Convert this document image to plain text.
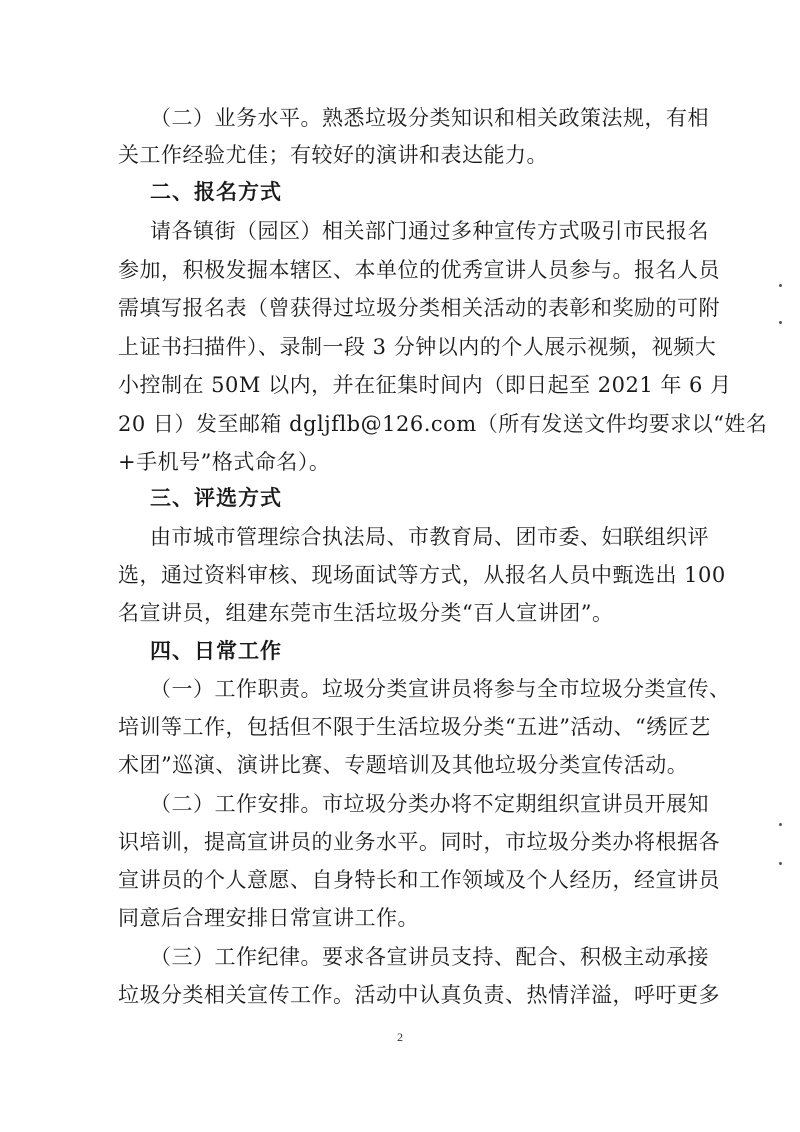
（二）业务水平。熟悉垃圾分类知识和相关政策法规，有相
关工作经验尤佳；有较好的演讲和表达能力。
二、报名方式
请各镇街（园区）相关部门通过多种宣传方式吸引市民报名
参加，积极发掘本辖区、本单位的优秀宣讲人员参与。报名人员
需填写报名表（曾获得过垃圾分类相关活动的表彰和奖励的可附
上证书扫描件）、录制一段 3 分钟以内的个人展示视频，视频大
小控制在 50M 以内，并在征集时间内（即日起至 2021 年 6 月
20 日）发至邮箱 dgljflb@126.com（所有发送文件均要求以“姓名
+手机号”格式命名）。
三、评选方式
由市城市管理综合执法局、市教育局、团市委、妇联组织评
选，通过资料审核、现场面试等方式，从报名人员中甄选出 100
名宣讲员，组建东莞市生活垃圾分类“百人宣讲团”。
四、日常工作
（一）工作职责。垃圾分类宣讲员将参与全市垃圾分类宣传、
培训等工作，包括但不限于生活垃圾分类“五进”活动、“绣匠艺
术团”巡演、演讲比赛、专题培训及其他垃圾分类宣传活动。
（二）工作安排。市垃圾分类办将不定期组织宣讲员开展知
识培训，提高宣讲员的业务水平。同时，市垃圾分类办将根据各
宣讲员的个人意愿、自身特长和工作领域及个人经历，经宣讲员
同意后合理安排日常宣讲工作。
（三）工作纪律。要求各宣讲员支持、配合、积极主动承接
垃圾分类相关宣传工作。活动中认真负责、热情洋溢，呼吁更多
2
